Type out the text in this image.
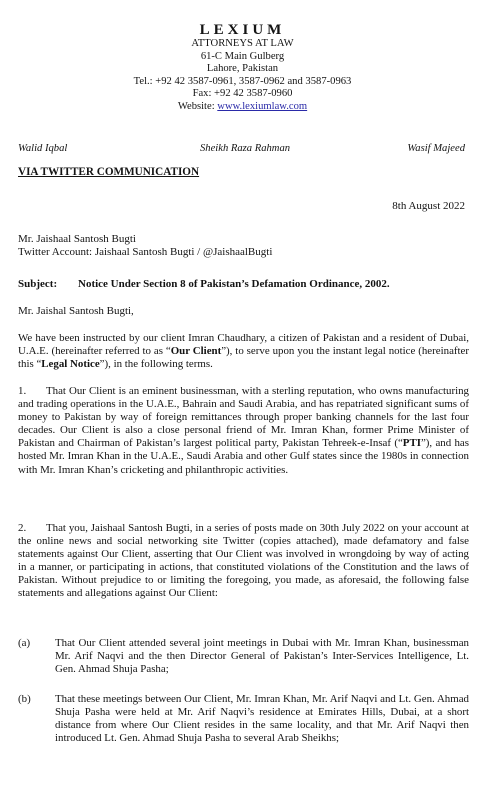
LEXIUM
ATTORNEYS AT LAW
61-C Main Gulberg
Lahore, Pakistan
Tel.: +92 42 3587-0961, 3587-0962 and 3587-0963
Fax: +92 42 3587-0960
Website: www.lexiumlaw.com
Walid Iqbal	Sheikh Raza Rahman	Wasif Majeed
VIA TWITTER COMMUNICATION
8th August 2022
Mr. Jaishaal Santosh Bugti
Twitter Account: Jaishaal Santosh Bugti / @JaishaalBugti
Subject: Notice Under Section 8 of Pakistan’s Defamation Ordinance, 2002.
Mr. Jaishal Santosh Bugti,
We have been instructed by our client Imran Chaudhary, a citizen of Pakistan and a resident of Dubai, U.A.E. (hereinafter referred to as “Our Client”), to serve upon you the instant legal notice (hereinafter this “Legal Notice”), in the following terms.
1. That Our Client is an eminent businessman, with a sterling reputation, who owns manufacturing and trading operations in the U.A.E., Bahrain and Saudi Arabia, and has repatriated significant sums of money to Pakistan by way of foreign remittances through proper banking channels for the last four decades. Our Client is also a close personal friend of Mr. Imran Khan, former Prime Minister of Pakistan and Chairman of Pakistan’s largest political party, Pakistan Tehreek-e-Insaf (“PTI”), and has hosted Mr. Imran Khan in the U.A.E., Saudi Arabia and other Gulf states since the 1980s in connection with Mr. Imran Khan’s cricketing and philanthropic activities.
2. That you, Jaishaal Santosh Bugti, in a series of posts made on 30th July 2022 on your account at the online news and social networking site Twitter (copies attached), made defamatory and false statements against Our Client, asserting that Our Client was involved in wrongdoing by way of acting in a manner, or participating in actions, that constituted violations of the Constitution and the laws of Pakistan. Without prejudice to or limiting the foregoing, you made, as aforesaid, the following false statements and allegations against Our Client:
(a) That Our Client attended several joint meetings in Dubai with Mr. Imran Khan, businessman Mr. Arif Naqvi and the then Director General of Pakistan’s Inter-Services Intelligence, Lt. Gen. Ahmad Shuja Pasha;
(b) That these meetings between Our Client, Mr. Imran Khan, Mr. Arif Naqvi and Lt. Gen. Ahmad Shuja Pasha were held at Mr. Arif Naqvi’s residence at Emirates Hills, Dubai, at a short distance from where Our Client resides in the same locality, and that Mr. Arif Naqvi then introduced Lt. Gen. Ahmad Shuja Pasha to several Arab Sheikhs;
